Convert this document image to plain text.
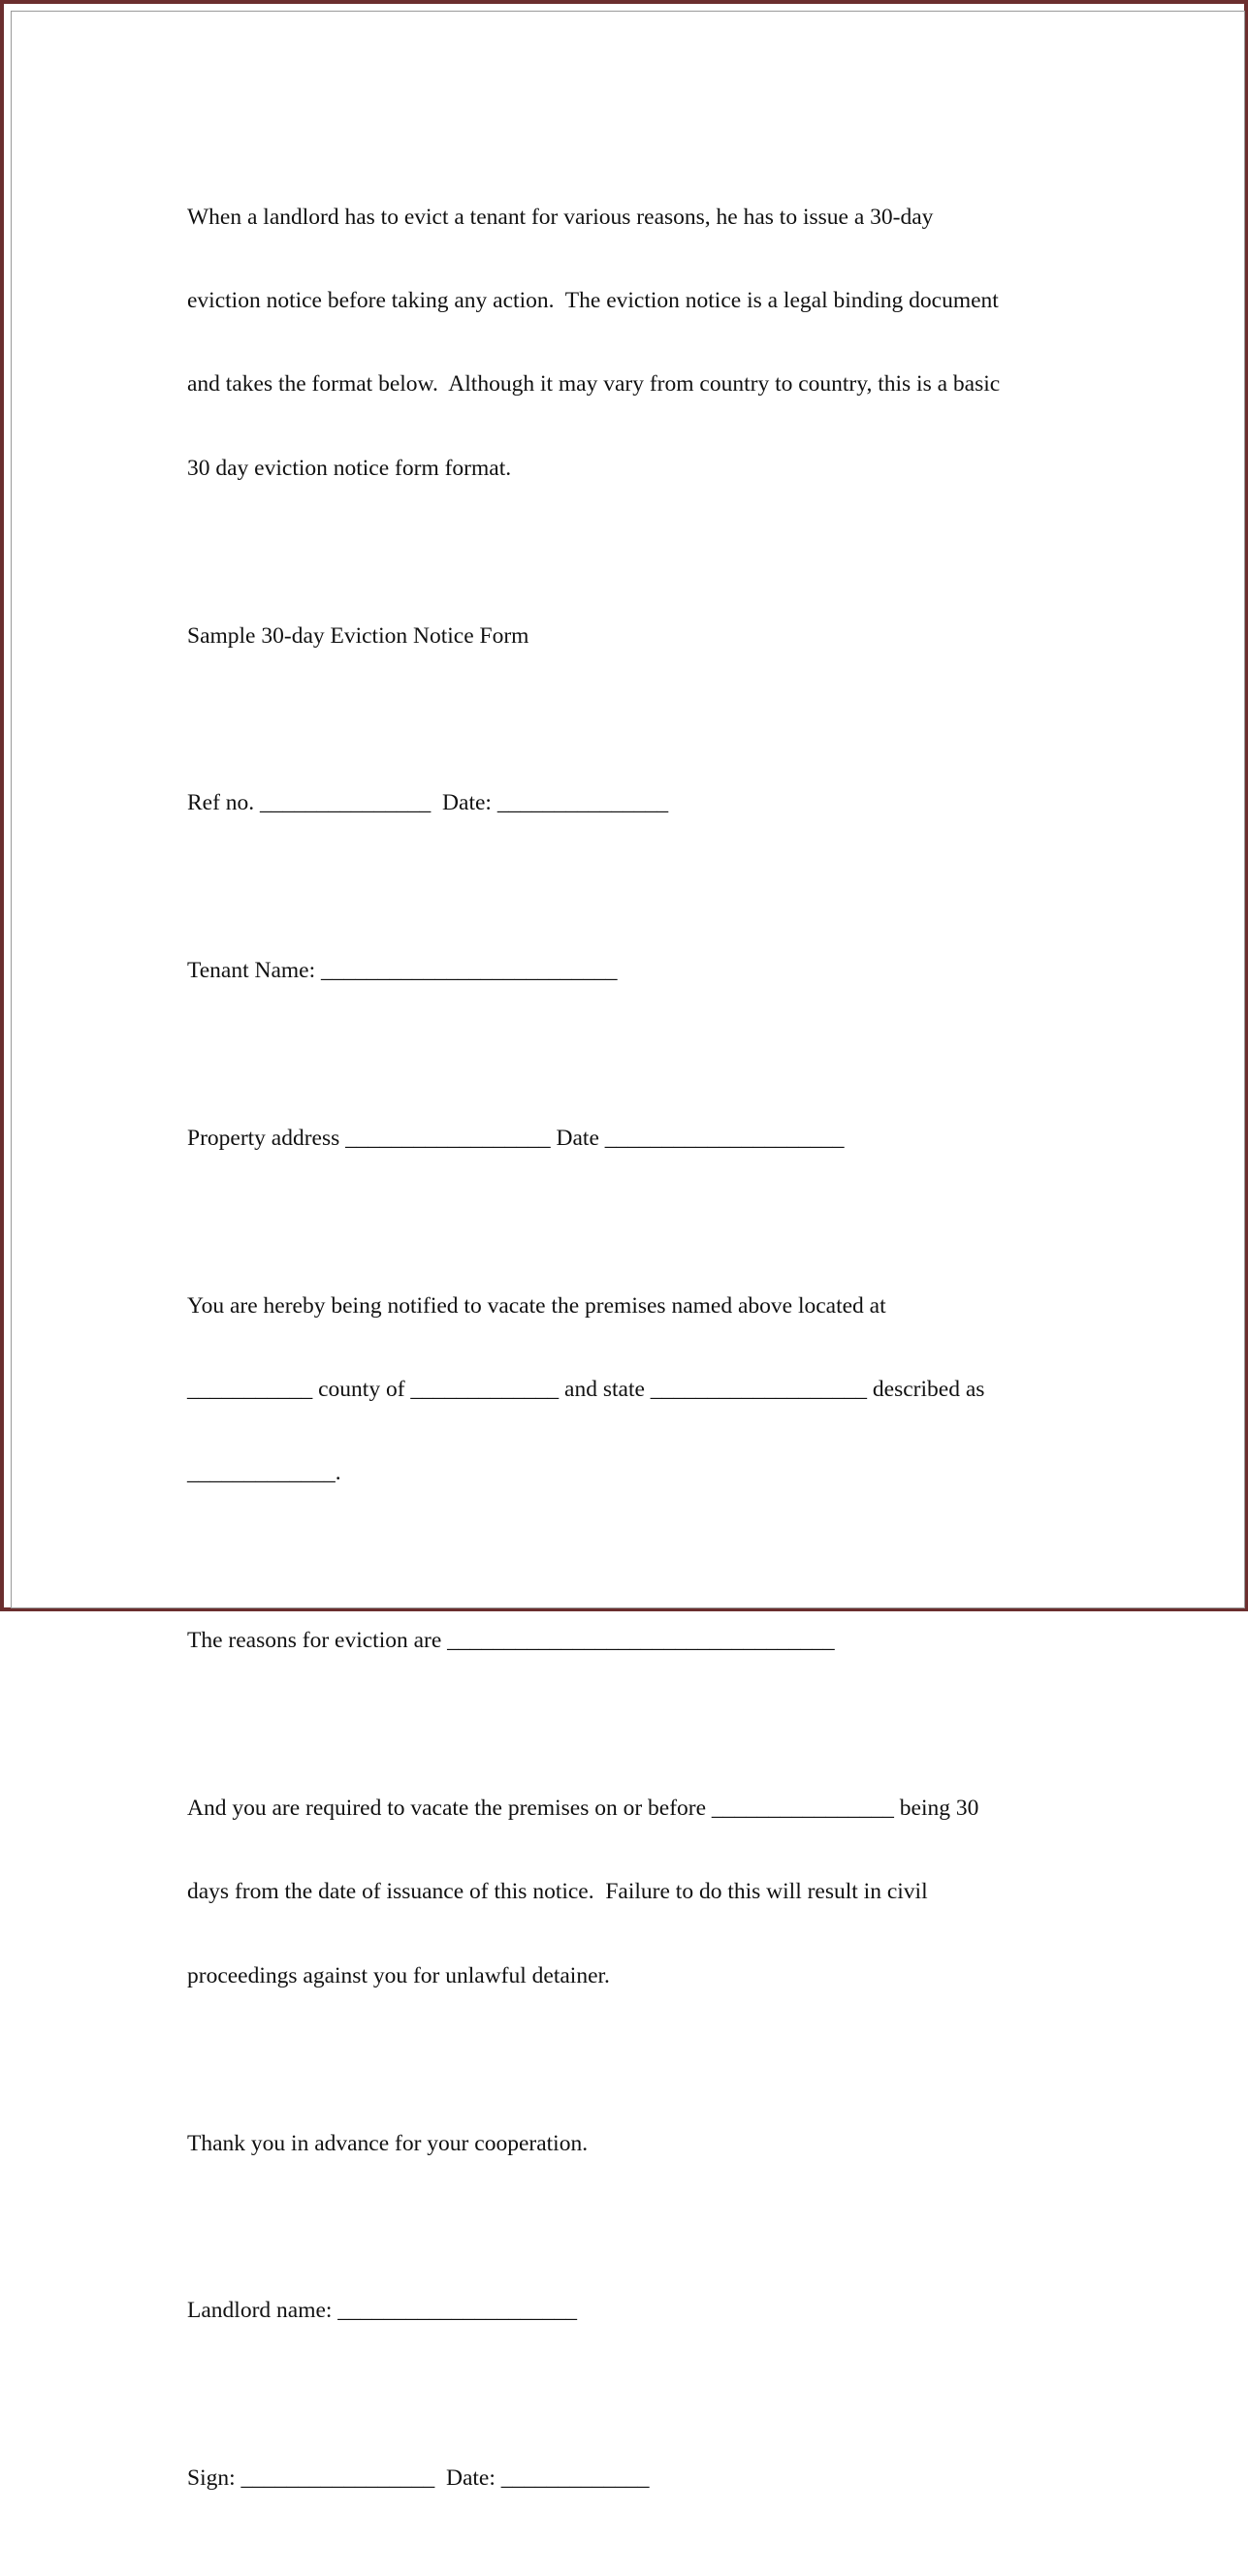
When a landlord has to evict a tenant for various reasons, he has to issue a 30-day

eviction notice before taking any action.  The eviction notice is a legal binding document

and takes the format below.  Although it may vary from country to country, this is a basic

30 day eviction notice form format.

Sample 30-day Eviction Notice Form

Ref no. _______________  Date: _______________

Tenant Name: __________________________

Property address __________________ Date _____________________

You are hereby being notified to vacate the premises named above located at

___________ county of _____________ and state ___________________ described as

_____________.

The reasons for eviction are __________________________________

And you are required to vacate the premises on or before ________________ being 30

days from the date of issuance of this notice.  Failure to do this will result in civil

proceedings against you for unlawful detainer.

Thank you in advance for your cooperation.

Landlord name: _____________________

Sign: _________________  Date: _____________
